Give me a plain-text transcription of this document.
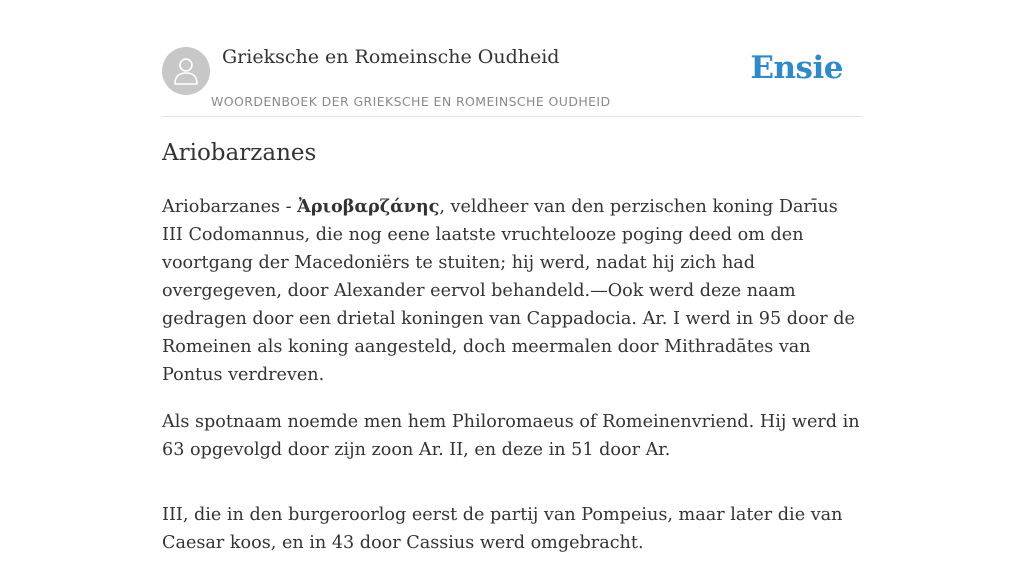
Grieksche en Romeinsche Oudheid
WOORDENBOEK DER GRIEKSCHE EN ROMEINSCHE OUDHEID
Ensie
Ariobarzanes

Ariobarzanes - Ἀριοβαρζάνης, veldheer van den perzischen koning Darīus III Codomannus, die nog eene laatste vruchtelooze poging deed om den voortgang der Macedoniërs te stuiten; hij werd, nadat hij zich had overgegeven, door Alexander eervol behandeld.—Ook werd deze naam gedragen door een drietal koningen van Cappadocia. Ar. I werd in 95 door de Romeinen als koning aangesteld, doch meermalen door Mithradātes van Pontus verdreven.

Als spotnaam noemde men hem Philoromaeus of Romeinenvriend. Hij werd in 63 opgevolgd door zijn zoon Ar. II, en deze in 51 door Ar.

III, die in den burgeroorlog eerst de partij van Pompeius, maar later die van Caesar koos, en in 43 door Cassius werd omgebracht.
